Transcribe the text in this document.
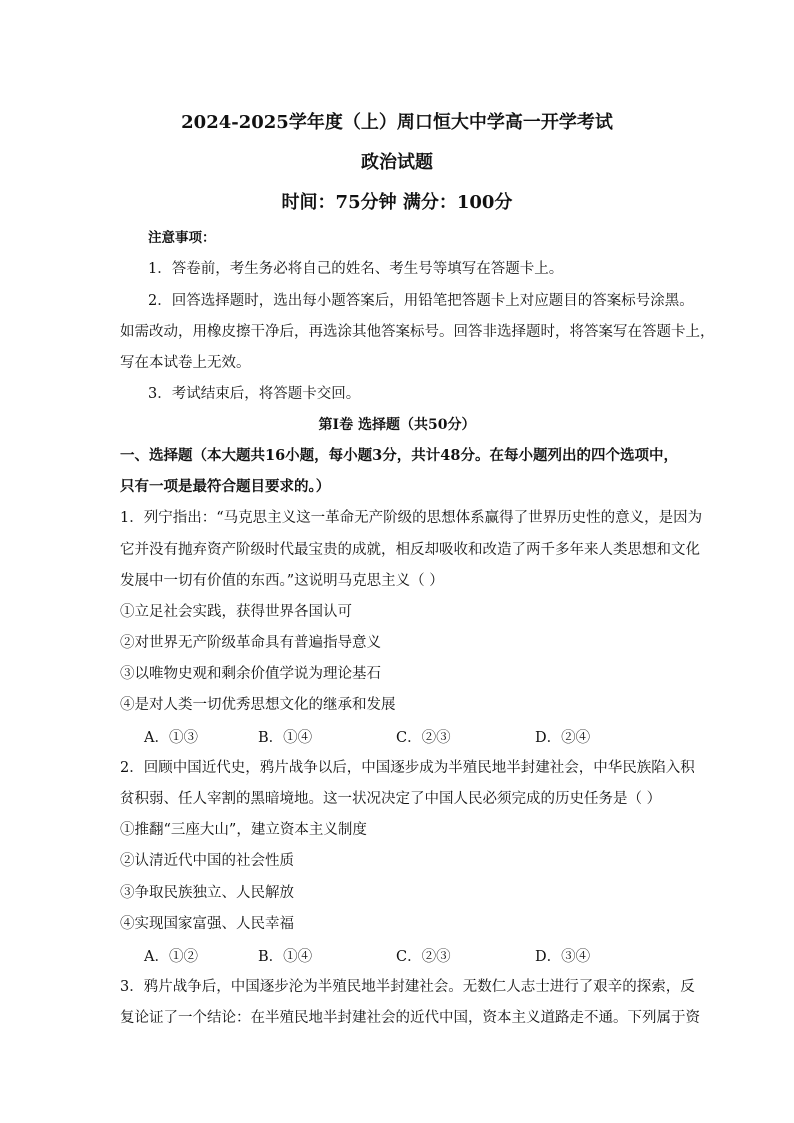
2024-2025学年度（上）周口恒大中学高一开学考试
政治试题
时间：75分钟 满分：100分
注意事项：
1．答卷前，考生务必将自己的姓名、考生号等填写在答题卡上。
2．回答选择题时，选出每小题答案后，用铅笔把答题卡上对应题目的答案标号涂黑。
如需改动，用橡皮擦干净后，再选涂其他答案标号。回答非选择题时，将答案写在答题卡上，
写在本试卷上无效。
3．考试结束后，将答题卡交回。
第Ⅰ卷 选择题（共50分）
一、选择题（本大题共16小题，每小题3分，共计48分。在每小题列出的四个选项中，
只有一项是最符合题目要求的。）
1．列宁指出：“马克思主义这一革命无产阶级的思想体系赢得了世界历史性的意义，是因为
它并没有抛弃资产阶级时代最宝贵的成就，相反却吸收和改造了两千多年来人类思想和文化
发展中一切有价值的东西。”这说明马克思主义（ ）
①立足社会实践，获得世界各国认可
②对世界无产阶级革命具有普遍指导意义
③以唯物史观和剩余价值学说为理论基石
④是对人类一切优秀思想文化的继承和发展
A．①③	B．①④	C．②③	D．②④
2．回顾中国近代史，鸦片战争以后，中国逐步成为半殖民地半封建社会，中华民族陷入积
贫积弱、任人宰割的黑暗境地。这一状况决定了中国人民必须完成的历史任务是（ ）
①推翻“三座大山”，建立资本主义制度
②认清近代中国的社会性质
③争取民族独立、人民解放
④实现国家富强、人民幸福
A．①②	B．①④	C．②③	D．③④
3．鸦片战争后，中国逐步沦为半殖民地半封建社会。无数仁人志士进行了艰辛的探索，反
复论证了一个结论：在半殖民地半封建社会的近代中国，资本主义道路走不通。下列属于资
